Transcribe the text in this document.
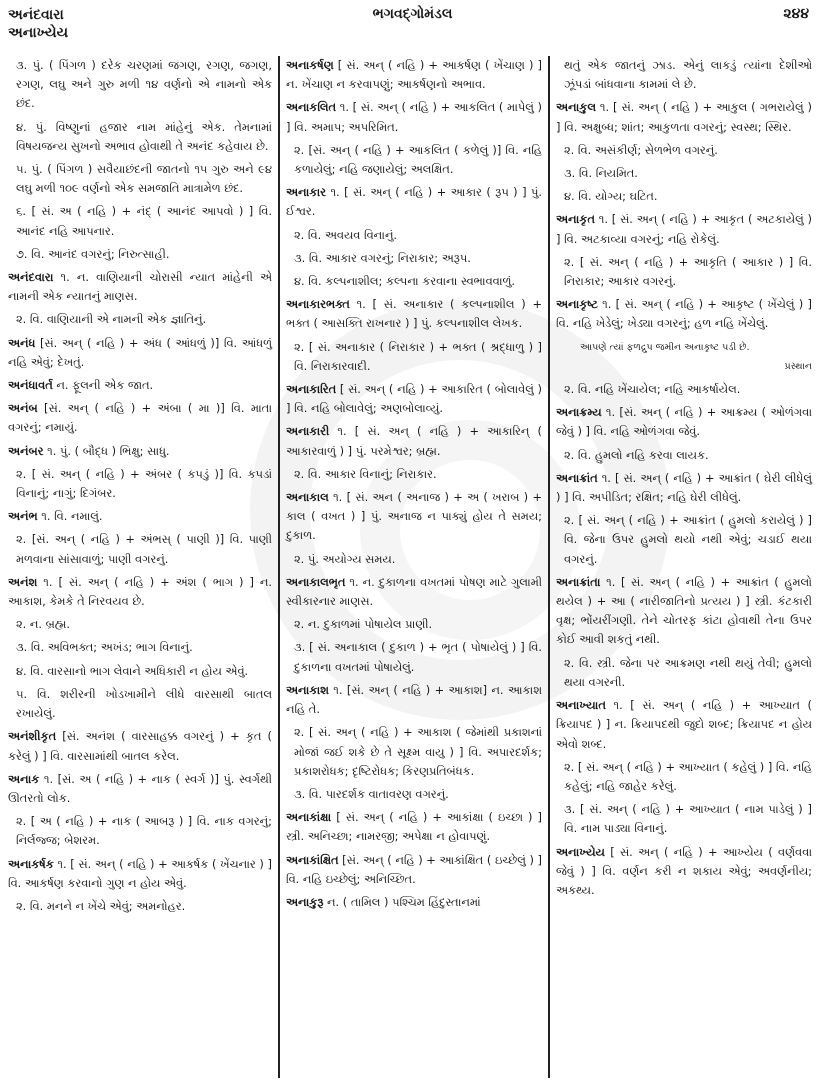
અનંદવારા
અનાખ્યેય
ભગવદ્ગોમંડલ	૨૪૪
૩. પું. ( પિંગળ ) દરેક ચરણમાં જગણ, રગણ, જગણ, રગણ, લઘુ અને ગુરુ મળી ૧૪ વર્ણનો એ નામનો એક છંદ.
૪. પું. વિષ્ણુનાં હજાર નામ માંહેનું એક. તેમનામાં વિષયજન્ય સુખનો અભાવ હોવાથી તે અનંદ કહેવાય છે.
૫. પું. ( પિંગળ ) સવૈયાછંદની જાતનો ૧૫ ગુરુ અને ૯૪ લઘુ મળી ૧૦૯ વર્ણનો એક સમજાતિ માત્રામેળ છંદ.
૬. [ સં. અ ( નહિ ) + નંદ્ ( આનંદ આપવો ) ] વિ. આનંદ નહિ આપનાર.
૭. વિ. આનંદ વગરનું; નિરુત્સાહી.
અનંદવારા ૧. ન. વાણિયાની ચોરાસી ન્યાત માંહેની એ નામની એક ન્યાતનું માણસ.
૨. વિ. વાણિયાની એ નામની એક જ્ઞાતિનું.
અનંધ [સં. અન્ ( નહિ ) + અંધ ( આંધળું )] વિ. આંધળું નહિ એવું; દેખતું.
અનંધાવર્ત ન. ફૂલની એક જાત.
અનંબ [સં. અન્ ( નહિ ) + અંબા ( મા )] વિ. માતા વગરનું; નમાયું.
અનંબર ૧. પું. ( બૌદ્ધ ) ભિક્ષુ; સાધુ.
૨. [ સં. અન્ ( નહિ ) + અંબર ( કપડું )] વિ. કપડાં વિનાનું; નાગું; દિગંબર.
અનંભ ૧. વિ. નમાલું.
૨. [સં. અન્ ( નહિ ) + અંભસ્ ( પાણી )] વિ. પાણી મળવાના સાંસાવાળું; પાણી વગરનું.
અનંશ ૧. [ સં. અન્ ( નહિ ) + અંશ ( ભાગ ) ] ન. આકાશ, કેમકે તે નિરવયવ છે.
૨. ન. બ્રહ્મ.
૩. વિ. અવિભક્ત; અખંડ; ભાગ વિનાનું.
૪. વિ. વારસાનો ભાગ લેવાને અધિકારી ન હોય એવું.
૫. વિ. શરીરની ખોડખામીને લીધે વારસાથી બાતલ રખાયેલું.
અનંશીકૃત [સં. અનંશ ( વારસાહક્ક વગરનું ) + કૃત ( કરેલું ) ] વિ. વારસામાંથી બાતલ કરેલ.
અનાક ૧. [સં. અ ( નહિ ) + નાક ( સ્વર્ગ )] પું. સ્વર્ગથી ઊતરતો લોક.
૨. [ અ ( નહિ ) + નાક ( આબરૂ ) ] વિ. નાક વગરનું; નિર્લજ્જ; બેશરમ.
અનાકર્ષક ૧. [ સં. અન્ ( નહિ ) + આકર્ષક ( ખેંચનાર ) ] વિ. આકર્ષણ કરવાનો ગુણ ન હોય એવું.
૨. વિ. મનને ન ખેંચે એવું; અમનોહર.
અનાકર્ષણ [ સં. અન્ ( નહિ ) + આકર્ષણ ( ખેંચાણ ) ] ન. ખેંચાણ ન કરવાપણું; આકર્ષણનો અભાવ.
અનાકલિત ૧. [ સં. અન્ ( નહિ ) + આકલિત ( માપેલું ) ] વિ. અમાપ; અપરિમિત.
૨. [સં. અન્ ( નહિ ) + આકલિત ( કળેલું )] વિ. નહિ કળાયેલું; નહિ જણાયેલું; અલક્ષિત.
અનાકાર ૧. [ સં. અન્ ( નહિ ) + આકાર ( રૂપ ) ] પું. ઈશ્વર.
૨. વિ. અવયવ વિનાનું.
૩. વિ. આકાર વગરનું; નિરાકાર; અરૂપ.
૪. વિ. કલ્પનાશીલ; કલ્પના કરવાના સ્વભાવવાળું.
અનાકારભક્ત ૧. [ સં. અનાકાર ( કલ્પનાશીલ ) + ભક્ત ( આસક્તિ રાખનાર ) ] પું. કલ્પનાશીલ લેખક.
૨. [ સં. અનાકાર ( નિરાકાર ) + ભક્ત ( શ્રદ્ધાળુ ) ] વિ. નિરાકારવાદી.
અનાકારિત [ સં. અન્ ( નહિ ) + આકારિત ( બોલાવેલું ) ] વિ. નહિ બોલાવેલું; અણબોલાવ્યું.
અનાકારી ૧. [ સં. અન્ ( નહિ ) + આકારિન્ ( આકારવાળું ) ] પું. પરમેશ્વર; બ્રહ્મ.
૨. વિ. આકાર વિનાનું; નિરાકાર.
અનાકાલ ૧. [ સં. અન ( અનાજ ) + અ ( ખરાબ ) + કાલ ( વખત ) ] પું. અનાજ ન પાક્યું હોય તે સમય; દુકાળ.
૨. પું. અયોગ્ય સમય.
અનાકાલભૃત ૧. ન. દુકાળના વખતમાં પોષણ માટે ગુલામી સ્વીકારનાર માણસ.
૨. ન. દુકાળમાં પોષાયેલ પ્રાણી.
૩. [ સં. અનાકાલ ( દુકાળ ) + ભૃત ( પોષાયેલું ) ] વિ. દુકાળના વખતમાં પોષાયેલું.
અનાકાશ ૧. [સં. અન્ ( નહિ ) + આકાશ] ન. આકાશ નહિ તે.
૨. [ સં. અન્ ( નહિ ) + આકાશ ( જેમાંથી પ્રકાશનાં મોજાં જઈ શકે છે તે સૂક્ષ્મ વાયુ ) ] વિ. અપારદર્શક; પ્રકાશરોધક; દૃષ્ટિરોધક; કિરણપ્રતિબંધક.
૩. વિ. પારદર્શક વાતાવરણ વગરનું.
અનાકાંક્ષા [ સં. અન્ ( નહિ ) + આકાંક્ષા ( ઇચ્છા ) ] સ્ત્રી. અનિચ્છા; નામરજી; અપેક્ષા ન હોવાપણું.
અનાકાંક્ષિત [સં. અન્ ( નહિ ) + આકાંક્ષિત ( ઇચ્છેલું ) ] વિ. નહિ ઇચ્છેલું; અનિચ્છિત.
અનાકુરૂ ન. ( તામિલ ) પશ્ચિમ હિંદુસ્તાનમાં
થતું એક જાતનું ઝાડ. એનું લાકડું ત્યાંના દેશીઓ ઝૂંપડાં બાંધવાના કામમાં લે છે.
અનાકુલ ૧. [ સં. અન્ ( નહિ ) + આકુલ ( ગભરાયેલું ) ] વિ. અક્ષુબ્ધ; શાંત; આકુળતા વગરનું; સ્વસ્થ; સ્થિર.
૨. વિ. અસંકીર્ણ; સેળભેળ વગરનું.
૩. વિ. નિયમિત.
૪. વિ. યોગ્ય; ઘટિત.
અનાકૃત ૧. [ સં. અન્ ( નહિ ) + આકૃત ( અટકાયેલું ) ] વિ. અટકાવ્યા વગરનું; નહિ રોકેલું.
૨. [ સં. અન્ ( નહિ ) + આકૃતિ ( આકાર ) ] વિ. નિરાકાર; આકાર વગરનું.
અનાકૃષ્ટ ૧. [ સં. અન્ ( નહિ ) + આકૃષ્ટ ( ખેંચેલું ) ] વિ. નહિ ખેડેલું; ખેડ્યા વગરનું; હળ નહિ ખેંચેલું.
આપણે ત્યાં ફળદ્રુપ જમીન અનાકૃષ્ટ પડી છે.
પ્રસ્થાન
૨. વિ. નહિ ખેંચાયેલ; નહિ આકર્ષાયેલ.
અનાક્રમ્ય ૧. [સં. અન્ ( નહિ ) + આક્રમ્ય ( ઓળંગવા જેવું ) ] વિ. નહિ ઓળંગવા જેવું.
૨. વિ. હુમલો નહિ કરવા લાયક.
અનાક્રાંત ૧. [ સં. અન્ ( નહિ ) + આક્રાંત ( ઘેરી લીધેલું ) ] વિ. અપીડિત; રક્ષિત; નહિ ઘેરી લીધેલું.
૨. [ સં. અન્ ( નહિ ) + આક્રાંત ( હુમલો કરાયેલું ) ] વિ. જેના ઉપર હુમલો થયો નથી એવું; ચડાઈ થયા વગરનું.
અનાક્રાંતા ૧. [ સં. અન્ ( નહિ ) + આક્રાંત ( હુમલો થયેલ ) + આ ( નારીજાતિનો પ્રત્યય ) ] સ્ત્રી. કંટકારી વૃક્ષ; ભોંયરીંગણી. તેને ચોતરફ કાંટા હોવાથી તેના ઉપર કોઈ આવી શકતું નથી.
૨. વિ. સ્ત્રી. જેના પર આક્રમણ નથી થયું તેવી; હુમલો થયા વગરની.
અનાખ્યાત ૧. [ સં. અન્ ( નહિ ) + આખ્યાત ( ક્રિયાપદ ) ] ન. ક્રિયાપદથી જુદો શબ્દ; ક્રિયાપદ ન હોય એવો શબ્દ.
૨. [ સં. અન્ ( નહિ ) + આખ્યાત ( કહેલું ) ] વિ. નહિ કહેલું; નહિ જાહેર કરેલું.
૩. [ સં. અન્ ( નહિ ) + આખ્યાત ( નામ પાડેલું ) ] વિ. નામ પાડ્યા વિનાનું.
અનાખ્યેય [ સં. અન્ ( નહિ ) + આખ્યેય ( વર્ણવવા જેવું ) ] વિ. વર્ણન કરી ન શકાય એવું; અવર્ણનીય; અકથ્ય.
